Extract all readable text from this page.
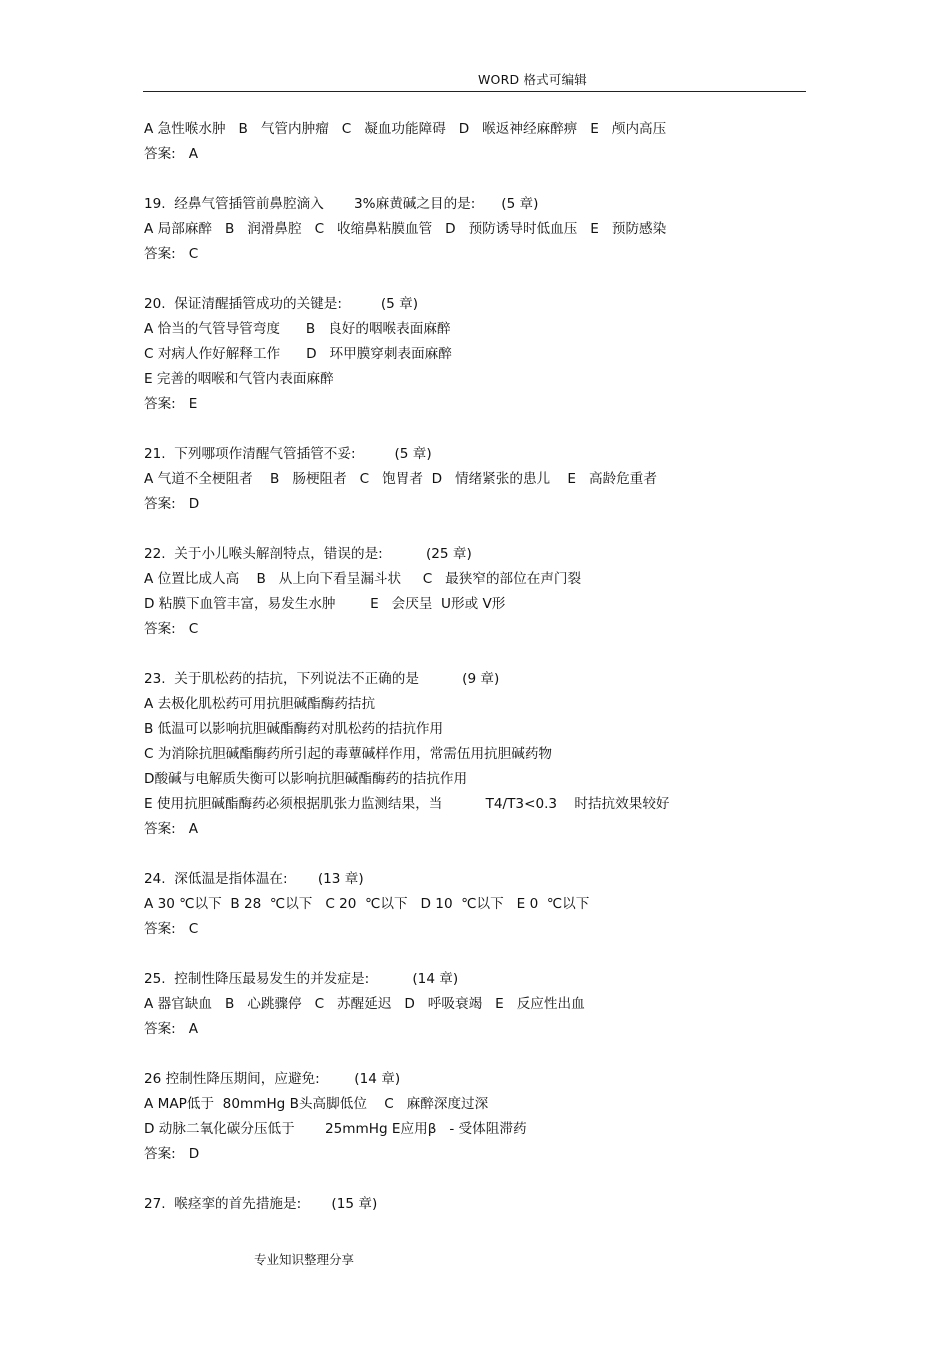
WORD 格式可编辑
A 急性喉水肿   B   气管内肿瘤   C   凝血功能障碍   D   喉返神经麻醉痹   E   颅内高压
答案:   A
19.  经鼻气管插管前鼻腔滴入       3%麻黄碱之目的是:      (5 章)
A 局部麻醉   B   润滑鼻腔   C   收缩鼻粘膜血管   D   预防诱导时低血压   E   预防感染
答案:   C
20.  保证清醒插管成功的关键是:         (5 章)
A 恰当的气管导管弯度      B   良好的咽喉表面麻醉
C 对病人作好解释工作      D   环甲膜穿刺表面麻醉
E 完善的咽喉和气管内表面麻醉
答案:   E
21.  下列哪项作清醒气管插管不妥:         (5 章)
A 气道不全梗阻者    B   肠梗阻者   C   饱胃者  D   情绪紧张的患儿    E   高龄危重者
答案:   D
22.  关于小儿喉头解剖特点，错误的是:          (25 章)
A 位置比成人高    B   从上向下看呈漏斗状     C   最狭窄的部位在声门裂
D 粘膜下血管丰富，易发生水肿        E   会厌呈  U形或 V形
答案:   C
23.  关于肌松药的拮抗，下列说法不正确的是          (9 章)
A 去极化肌松药可用抗胆碱酯酶药拮抗
B 低温可以影响抗胆碱酯酶药对肌松药的拮抗作用
C 为消除抗胆碱酯酶药所引起的毒蕈碱样作用，常需伍用抗胆碱药物
D酸碱与电解质失衡可以影响抗胆碱酯酶药的拮抗作用
E 使用抗胆碱酯酶药必须根据肌张力监测结果，当          T4/T3<0.3    时拮抗效果较好
答案:   A
24.  深低温是指体温在:       (13 章)
A 30 ℃以下  B 28  ℃以下   C 20  ℃以下   D 10  ℃以下   E 0  ℃以下
答案:   C
25.  控制性降压最易发生的并发症是:          (14 章)
A 器官缺血   B   心跳骤停   C   苏醒延迟   D   呼吸衰竭   E   反应性出血
答案:   A
26 控制性降压期间，应避免:        (14 章)
A MAP低于  80mmHg B头高脚低位    C   麻醉深度过深
D 动脉二氧化碳分压低于       25mmHg E应用β   - 受体阻滞药
答案:   D
27.  喉痉挛的首先措施是:       (15 章)
专业知识整理分享
